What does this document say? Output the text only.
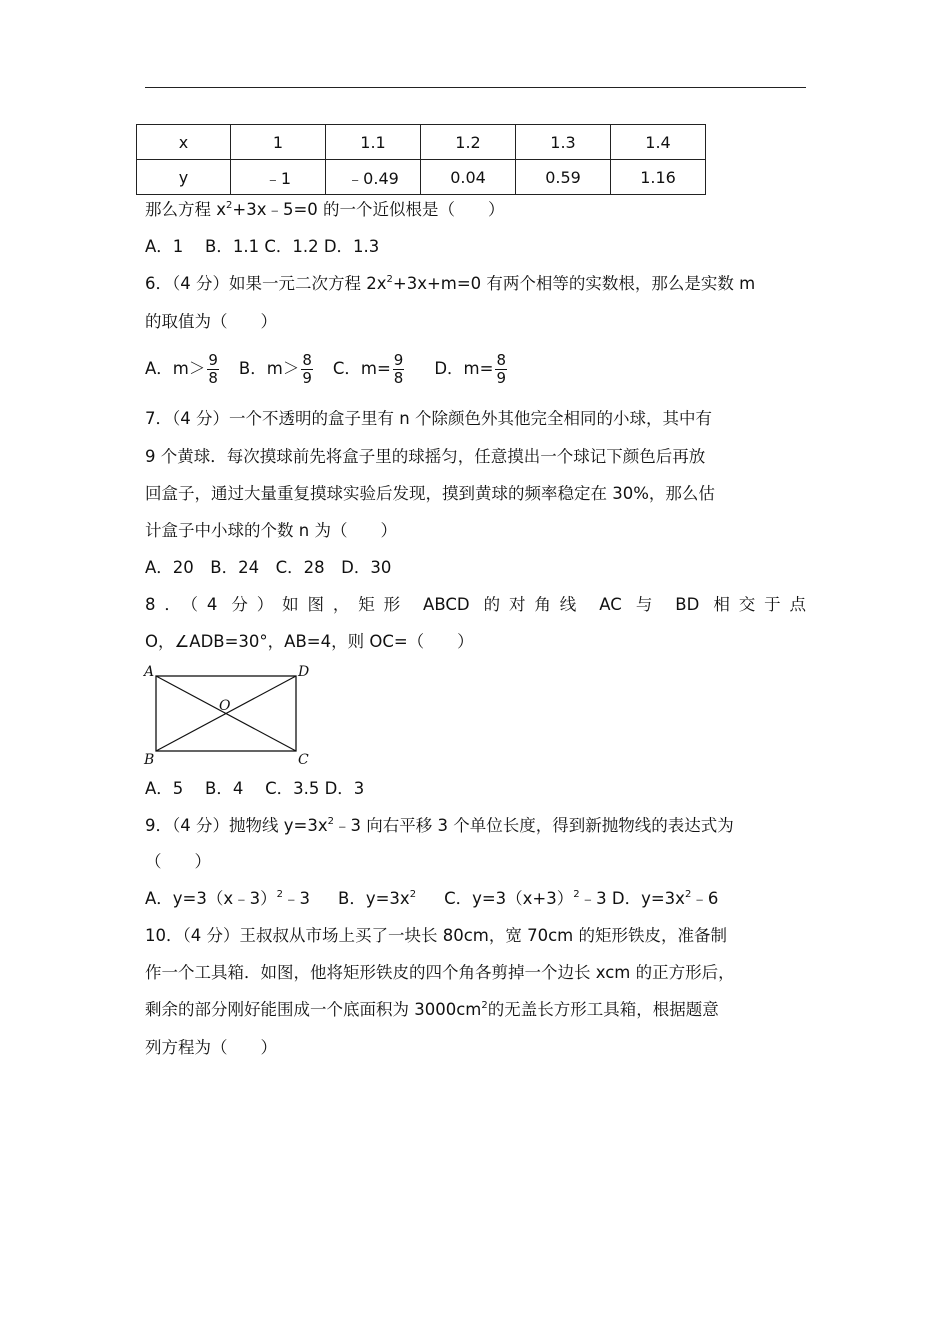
x	1	1.1	1.2	1.3	1.4
y	﹣1	﹣0.49	0.04	0.59	1.16
那么方程 $x^2+3x﹣5=0$ 的一个近似根是（　　）
A．1　 B．1.1 C．1.2 D．1.3
6．（4 分）如果一元二次方程 $2x^2+3x+m=0$ 有两个相等的实数根，那么是实数 m
的取值为（　　）
A．$m> \frac{9}{8}$ B．$m> \frac{8}{9}$ C．$m= \frac{9}{8}$ D．$m= \frac{8}{9}$
7．（4 分）一个不透明的盒子里有 n 个除颜色外其他完全相同的小球，其中有
9 个黄球．每次摸球前先将盒子里的球摇匀，任意摸出一个球记下颜色后再放
回盒子，通过大量重复摸球实验后发现，摸到黄球的频率稳定在 30%，那么估
计盒子中小球的个数 n 为（　　）
A．20　B．24　C．28　D．30
8．（4 分）如图，矩形 ABCD 的对角线 AC 与 BD 相交于点
O，∠ADB=30°，AB=4，则 OC=（　　）
A	D
B	C
O
A．5　 B．4　 C．3.5 D．3
9．（4 分）抛物线 $y=3x^2﹣3$ 向右平移 3 个单位长度，得到新抛物线的表达式为
（　　）
A．y=3（x﹣3）$^2$﹣3 B．$y=3x^2$ C．$y=3(x+3)^2﹣3$ D．$y=3x^2﹣6$
10．（4 分）王叔叔从市场上买了一块长 80cm，宽 70cm 的矩形铁皮，准备制
作一个工具箱．如图，他将矩形铁皮的四个角各剪掉一个边长 xcm 的正方形后，
剩余的部分刚好能围成一个底面积为 $3000cm^2$的无盖长方形工具箱，根据题意
列方程为（　　）
